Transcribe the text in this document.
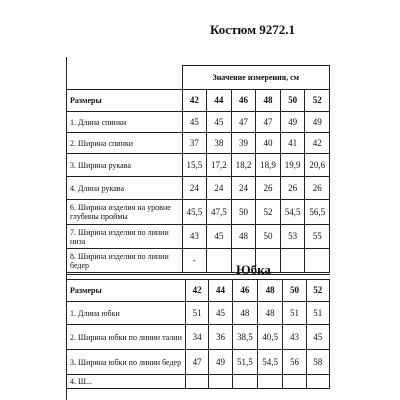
Костюм 9272.1
	Значение измерения, см					
Размеры	42	44	46	48	50	52
1. Длина спинки	45	45	47	47	49	49
2. Ширина спинки	37	38	39	40	41	42
3. Ширина рукава	15,5	17,2	18,2	18,9	19,9	20,6
4. Длина рукава	24	24	24	26	26	26
6. Ширина изделия на уровне глубины проймы	45,5	47,5	50	52	54,5	56,5
7. Ширина изделия по линии низа	43	45	48	50	53	55
8. Ширина изделия по линии бедер	-					
Юбка
Размеры	42	44	46	48	50	52
1. Длина юбки	51	45	48	48	51	51
2. Ширина юбки по линии талии	34	36	38,5	40,5	43	45
3. Ширина юбки по линии бедер	47	49	51,5	54,5	56	58
4. Ш...						
